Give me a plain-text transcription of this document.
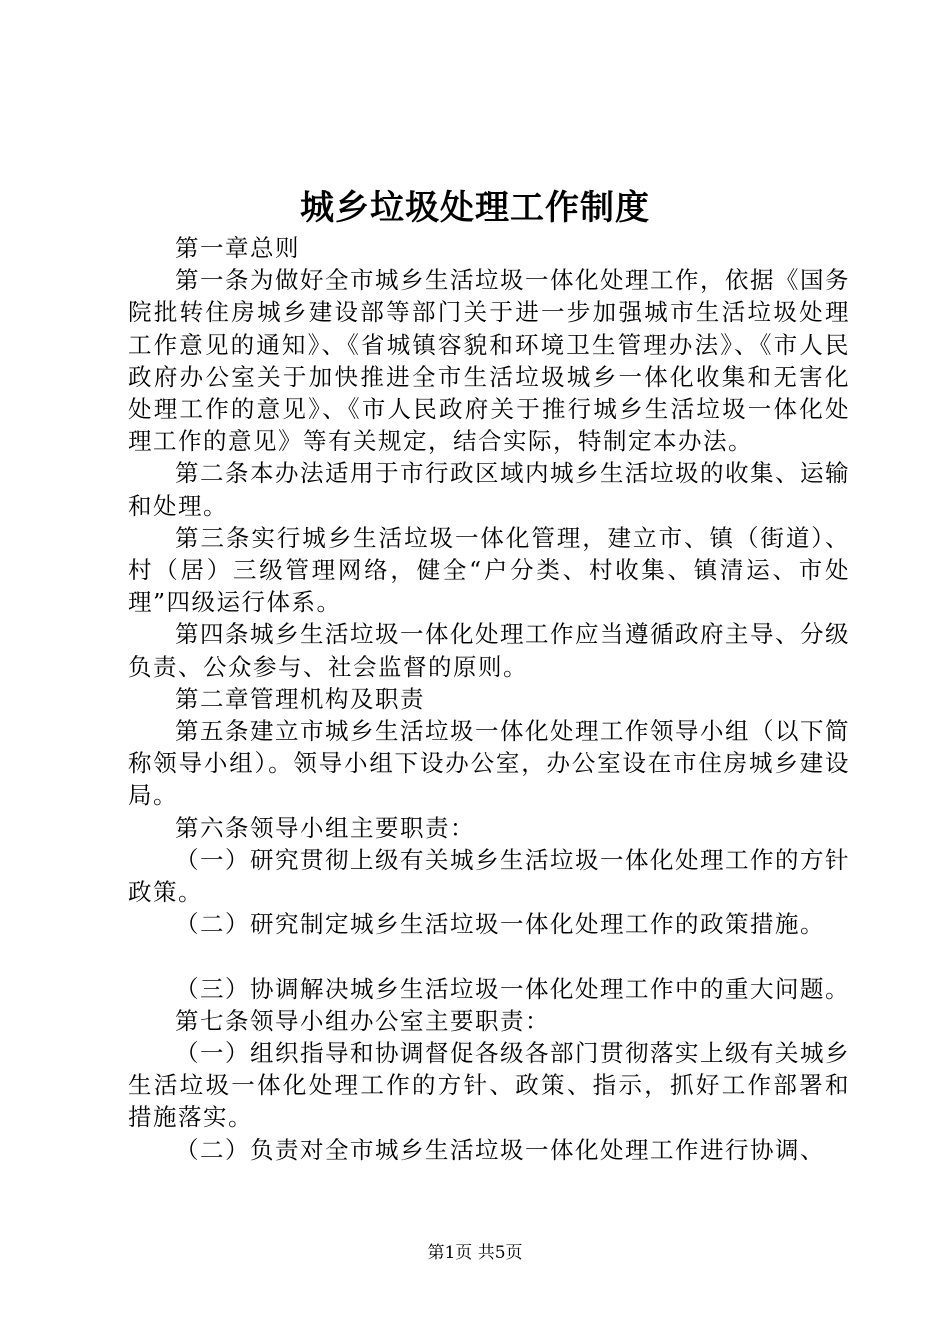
城乡垃圾处理工作制度

第一章总则

第一条为做好全市城乡生活垃圾一体化处理工作，依据《国务院批转住房城乡建设部等部门关于进一步加强城市生活垃圾处理工作意见的通知》、《省城镇容貌和环境卫生管理办法》、《市人民政府办公室关于加快推进全市生活垃圾城乡一体化收集和无害化处理工作的意见》、《市人民政府关于推行城乡生活垃圾一体化处理工作的意见》等有关规定，结合实际，特制定本办法。

第二条本办法适用于市行政区域内城乡生活垃圾的收集、运输和处理。

第三条实行城乡生活垃圾一体化管理，建立市、镇（街道）、村（居）三级管理网络，健全“户分类、村收集、镇清运、市处理”四级运行体系。

第四条城乡生活垃圾一体化处理工作应当遵循政府主导、分级负责、公众参与、社会监督的原则。

第二章管理机构及职责

第五条建立市城乡生活垃圾一体化处理工作领导小组（以下简称领导小组）。领导小组下设办公室，办公室设在市住房城乡建设局。

第六条领导小组主要职责：

（一）研究贯彻上级有关城乡生活垃圾一体化处理工作的方针政策。

（二）研究制定城乡生活垃圾一体化处理工作的政策措施。

（三）协调解决城乡生活垃圾一体化处理工作中的重大问题。

第七条领导小组办公室主要职责：

（一）组织指导和协调督促各级各部门贯彻落实上级有关城乡生活垃圾一体化处理工作的方针、政策、指示，抓好工作部署和措施落实。

（二）负责对全市城乡生活垃圾一体化处理工作进行协调、

第1页 共5页
